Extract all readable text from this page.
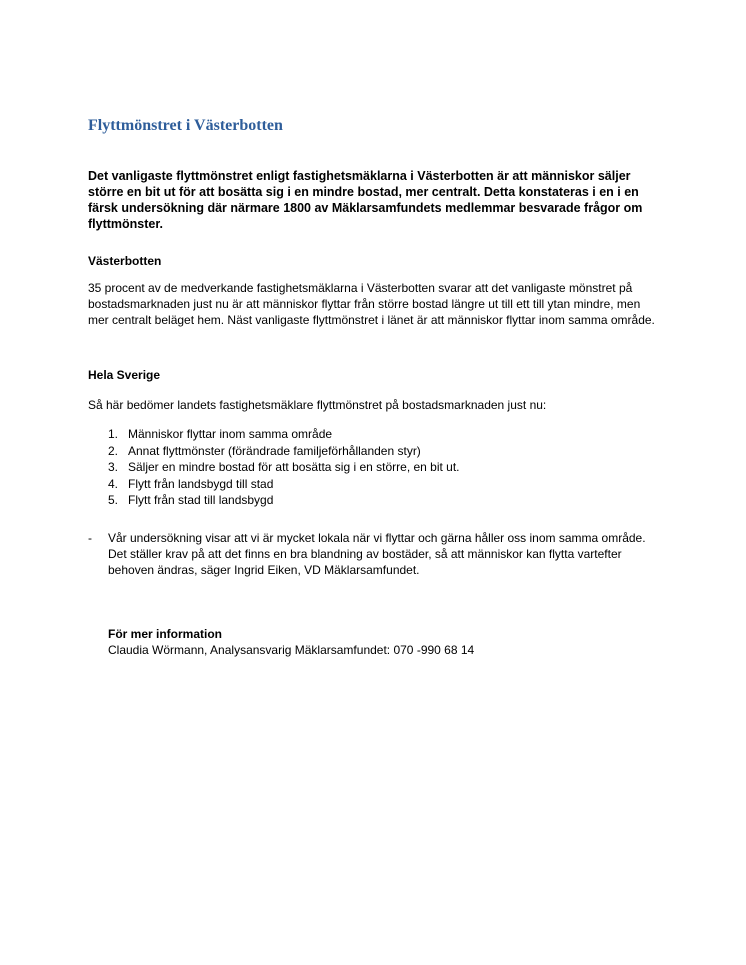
Flyttmönstret i Västerbotten
Det vanligaste flyttmönstret enligt fastighetsmäklarna i Västerbotten är att människor säljer större en bit ut för att bosätta sig i en mindre bostad, mer centralt. Detta konstateras i en i en färsk undersökning där närmare 1800 av Mäklarsamfundets medlemmar besvarade frågor om flyttmönster.
Västerbotten
35 procent av de medverkande fastighetsmäklarna i Västerbotten svarar att det vanligaste mönstret på bostadsmarknaden just nu är att människor flyttar från större bostad längre ut till ett till ytan mindre, men mer centralt beläget hem. Näst vanligaste flyttmönstret i länet är att människor flyttar inom samma område.
Hela Sverige
Så här bedömer landets fastighetsmäklare flyttmönstret på bostadsmarknaden just nu:
1. Människor flyttar inom samma område
2. Annat flyttmönster (förändrade familjeförhållanden styr)
3. Säljer en mindre bostad för att bosätta sig i en större, en bit ut.
4. Flytt från landsbygd till stad
5. Flytt från stad till landsbygd
-	Vår undersökning visar att vi är mycket lokala när vi flyttar och gärna håller oss inom samma område. Det ställer krav på att det finns en bra blandning av bostäder, så att människor kan flytta vartefter behoven ändras, säger Ingrid Eiken, VD Mäklarsamfundet.
För mer information
Claudia Wörmann, Analysansvarig Mäklarsamfundet: 070 -990 68 14
